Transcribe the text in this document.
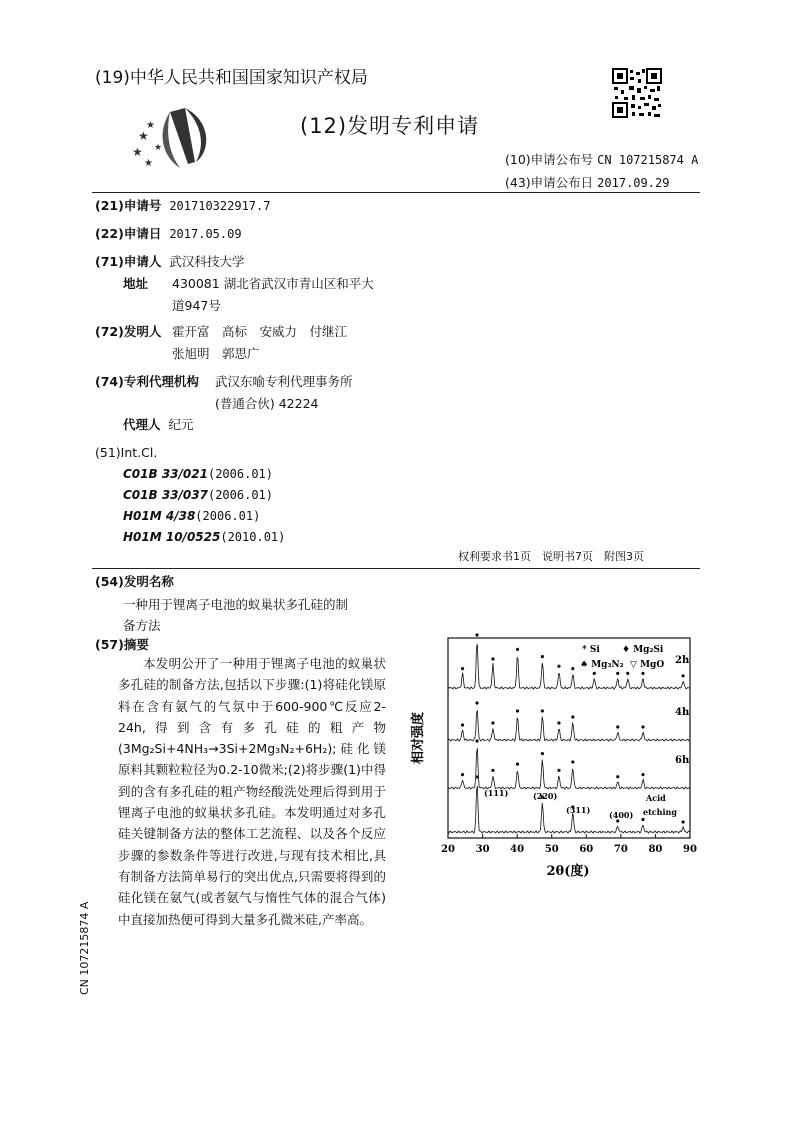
(19)中华人民共和国国家知识产权局
★
★
★
★
★
(12)发明专利申请
(10)申请公布号 CN 107215874 A
(43)申请公布日 2017.09.29
(21)申请号 201710322917.7
(22)申请日 2017.05.09
(71)申请人 武汉科技大学
地址 430081 湖北省武汉市青山区和平大
道947号
(72)发明人 霍开富　高标　安威力　付继江
张旭明　郭思广
(74)专利代理机构 武汉东喻专利代理事务所
(普通合伙) 42224
代理人 纪元
(51)Int.Cl.
C01B 33/021(2006.01)
C01B 33/037(2006.01)
H01M 4/38(2006.01)
H01M 10/0525(2010.01)
权利要求书1页　说明书7页　附图3页
(54)发明名称
一种用于锂离子电池的蚁巢状多孔硅的制
备方法
(57)摘要
本发明公开了一种用于锂离子电池的蚁巢状多孔硅的制备方法,包括以下步骤:(1)将硅化镁原料在含有氨气的气氛中于600-900℃反应2-24h,得到含有多孔硅的粗产物(3Mg₂Si+4NH₃→3Si+2Mg₃N₂+6H₂);硅化镁原料其颗粒粒径为0.2-10微米;(2)将步骤(1)中得到的含有多孔硅的粗产物经酸洗处理后得到用于锂离子电池的蚁巢状多孔硅。本发明通过对多孔硅关键制备方法的整体工艺流程、以及各个反应步骤的参数条件等进行改进,与现有技术相比,具有制备方法简单易行的突出优点,只需要将得到的硅化镁在氨气(或者氨气与惰性气体的混合气体)中直接加热便可得到大量多孔微米硅,产率高。
相对强度
2θ(度)
20 30 40 50 60 70 80 90
* Si ♦ Mg₂Si
♠ Mg₃N₂ ▽ MgO 2h
4h
6h
Acid
etching
(111)	(220)
(311) (400)
CN 107215874 A
